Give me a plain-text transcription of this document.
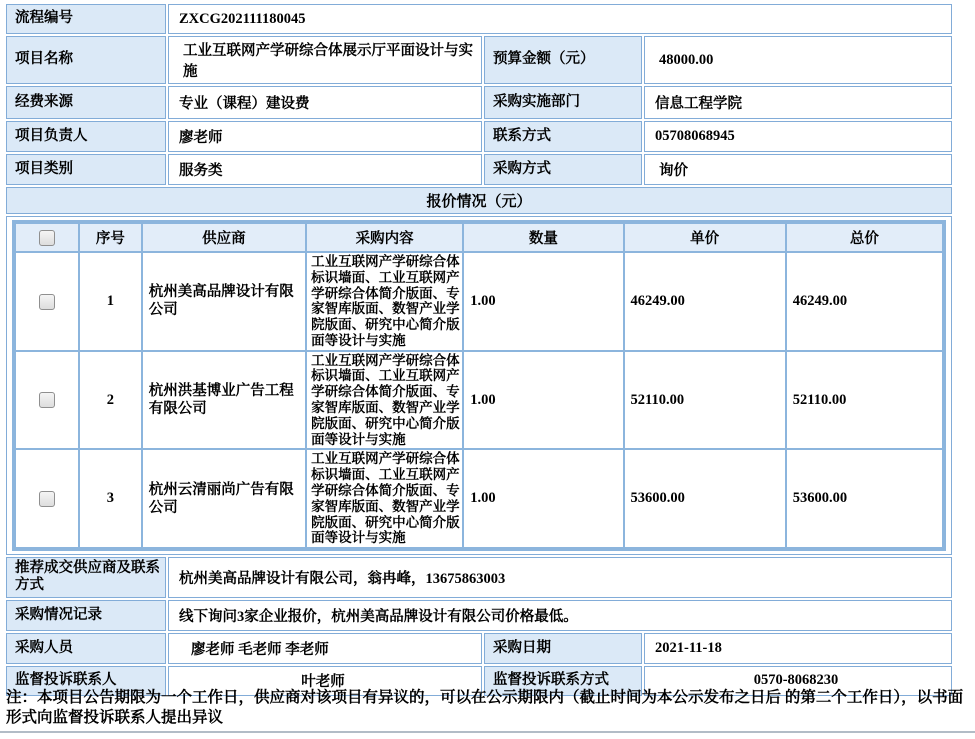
流程编号	ZXCG202111180045
项目名称	工业互联网产学研综合体展示厅平面设计与实施	预算金额（元）	48000.00
经费来源	专业（课程）建设费	采购实施部门	信息工程学院
项目负责人	廖老师	联系方式	05708068945
项目类别	服务类	采购方式	询价
报价情况（元）

	序号	供应商	采购内容	数量	单价	总价
	1	杭州美高品牌设计有限公司	工业互联网产学研综合体标识墙面、工业互联网产学研综合体简介版面、专家智库版面、数智产业学院版面、研究中心简介版面等设计与实施	1.00	46249.00	46249.00
	2	杭州洪基博业广告工程有限公司	工业互联网产学研综合体标识墙面、工业互联网产学研综合体简介版面、专家智库版面、数智产业学院版面、研究中心简介版面等设计与实施	1.00	52110.00	52110.00
	3	杭州云清丽尚广告有限公司	工业互联网产学研综合体标识墙面、工业互联网产学研综合体简介版面、专家智库版面、数智产业学院版面、研究中心简介版面等设计与实施	1.00	53600.00	53600.00

推荐成交供应商及联系方式	杭州美高品牌设计有限公司，翁冉峰，13675863003
采购情况记录	线下询问3家企业报价，杭州美高品牌设计有限公司价格最低。
采购人员	廖老师 毛老师 李老师	采购日期	2021-11-18
监督投诉联系人	叶老师	监督投诉联系方式	0570-8068230
注：本项目公告期限为一个工作日，供应商对该项目有异议的，可以在公示期限内（截止时间为本公示发布之日后 的第二个工作日），以书面形式向监督投诉联系人提出异议
